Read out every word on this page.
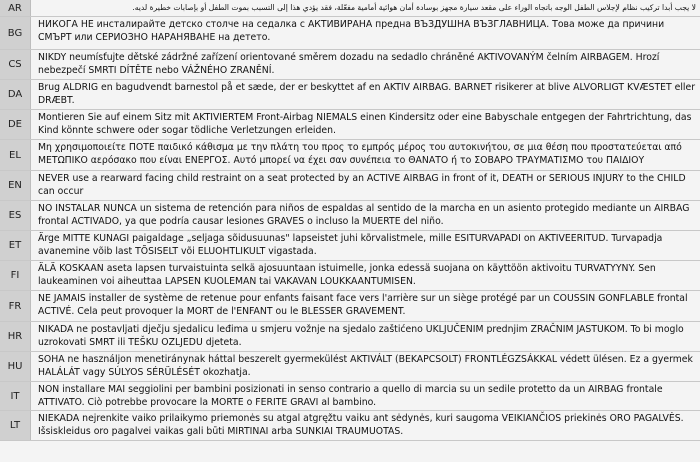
AR	لا يجب أبدا تركيب نظام لإجلاس الطفل الوجه باتجاه الوراء على مقعد سيارة مجهز بوسادة أمان هوائية أمامية مفعّلة، فقد يؤدي هذا إلى التسبب بموت الطفل أو بإصابات خطيرة لديه.
BG
НИКОГА НЕ инсталирайте детско столче на седалка с АКТИВИРАНА предна ВЪЗДУШНА ВЪЗГЛАВНИЦА. Това може да причини СМЪРТ или СЕРИОЗНО НАРАНЯВАНЕ на детето.
CS
NIKDY neumísťujte dětské zádržné zařízení orientované směrem dozadu na sedadlo chráněné AKTIVOVANÝM čelním AIRBAGEM. Hrozí nebezpečí SMRTI DÍTĚTE nebo VÁŽNÉHO ZRANĚNÍ.
DA
Brug ALDRIG en bagudvendt barnestol på et sæde, der er beskyttet af en AKTIV AIRBAG. BARNET risikerer at blive ALVORLIGT KVÆSTET eller DRÆBT.
DE
Montieren Sie auf einem Sitz mit AKTIVIERTEM Front-Airbag NIEMALS einen Kindersitz oder eine Babyschale entgegen der Fahrtrichtung, das Kind könnte schwere oder sogar tödliche Verletzungen erleiden.
EL
Μη χρησιμοποιείτε ΠΟΤΕ παιδικό κάθισμα με την πλάτη του προς το εμπρός μέρος του αυτοκινήτου, σε μια θέση που προστατεύεται από ΜΕΤΩΠΙΚΟ αερόσακο που είναι ΕΝΕΡΓΟΣ. Αυτό μπορεί να έχει σαν συνέπεια το ΘΑΝΑΤΟ ή το ΣΟΒΑΡΟ ΤΡΑΥΜΑΤΙΣΜΟ του ΠΑΙΔΙΟΥ
EN
NEVER use a rearward facing child restraint on a seat protected by an ACTIVE AIRBAG in front of it, DEATH or SERIOUS INJURY to the CHILD can occur
ES
NO INSTALAR NUNCA un sistema de retención para niños de espaldas al sentido de la marcha en un asiento protegido mediante un AIRBAG frontal ACTIVADO, ya que podría causar lesiones GRAVES o incluso la MUERTE del niño.
ET
Ärge MITTE KUNAGI paigaldage „seljaga sõidusuunas" lapseistet juhi kõrvalistmele, mille ESITURVAPADI on AKTIVEERITUD. Turvapadja avanemine võib last TÕSISELT või ELUOHTLIKULT vigastada.
FI
ÄLÄ KOSKAAN aseta lapsen turvaistuinta selkä ajosuuntaan istuimelle, jonka edessä suojana on käyttöön aktivoitu TURVATYYNY. Sen laukeaminen voi aiheuttaa LAPSEN KUOLEMAN tai VAKAVAN LOUKKAANTUMISEN.
FR
NE JAMAIS installer de système de retenue pour enfants faisant face vers l'arrière sur un siège protégé par un COUSSIN GONFLABLE frontal ACTIVÉ. Cela peut provoquer la MORT de l'ENFANT ou le BLESSER GRAVEMENT.
HR
NIKADA ne postavljati dječju sjedalicu leđima u smjeru vožnje na sjedalo zaštićeno UKLJUČENIM prednjim ZRAČNIM JASTUKOM. To bi moglo uzrokovati SMRT ili TEŠKU OZLJEDU djeteta.
HU
SOHA ne használjon menetiránynak háttal beszerelt gyermekülést AKTIVÁLT (BEKAPCSOLT) FRONTLÉGZSÁKKAL védett ülésen. Ez a gyermek HALÁLÁT vagy SÚLYOS SÉRÜLÉSÉT okozhatja.
IT
NON installare MAI seggiolini per bambini posizionati in senso contrario a quello di marcia su un sedile protetto da un AIRBAG frontale ATTIVATO. Ciò potrebbe provocare la MORTE o FERITE GRAVI al bambino.
LT
NIEKADA nejrenkite vaiko prilaikymo priemonės su atgal atgręžtu vaiku ant sėdynės, kuri saugoma VEIKIANČIOS priekinės ORO PAGALVĖS. Išsiskleidus oro pagalvei vaikas gali būti MIRTINAI arba SUNKIAI TRAUMUOTAS.
